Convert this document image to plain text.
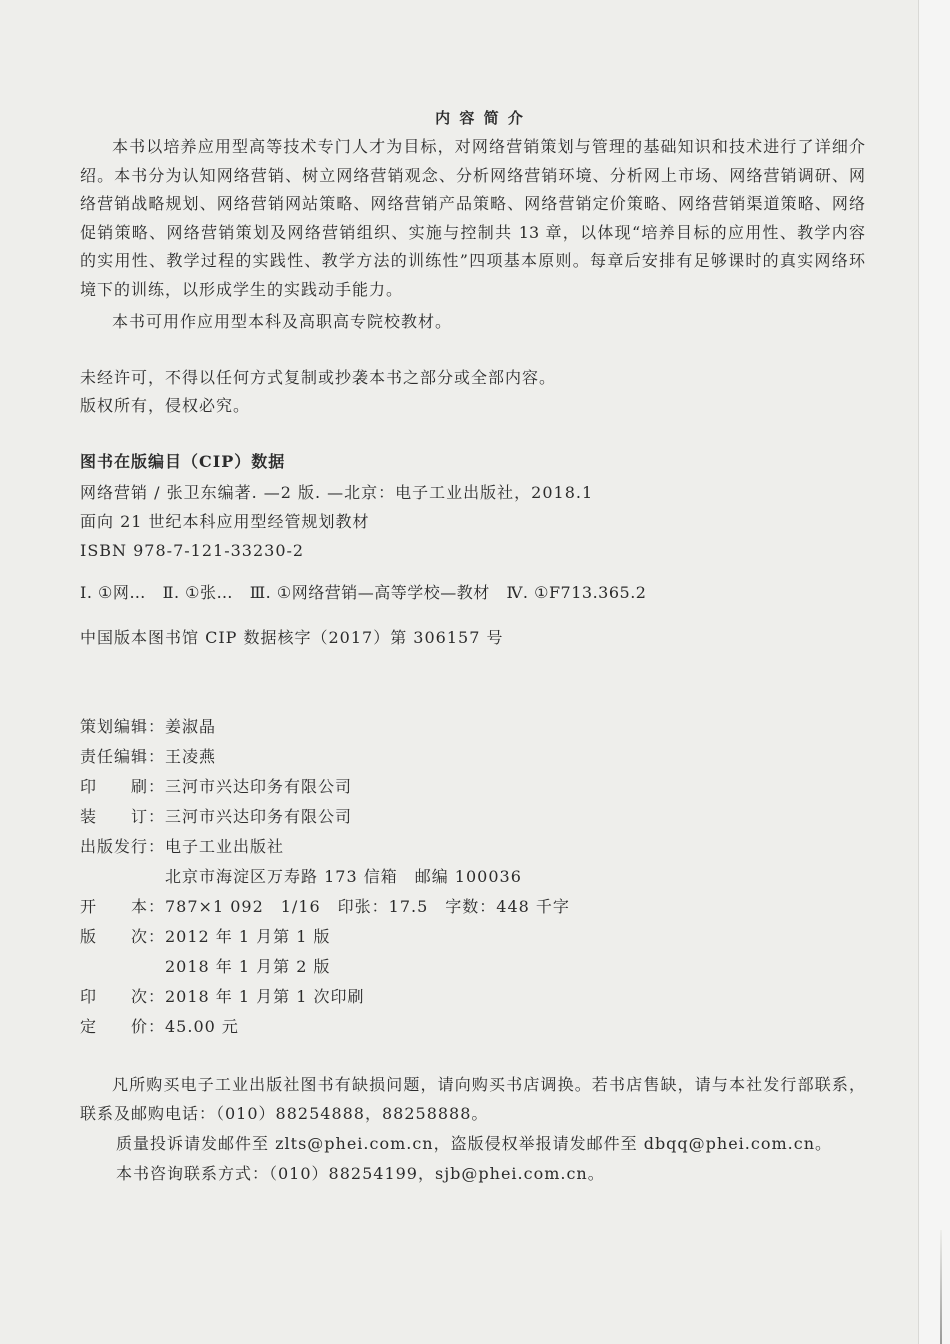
内 容 简 介
本书以培养应用型高等技术专门人才为目标，对网络营销策划与管理的基础知识和技术进行了详细介
绍。本书分为认知网络营销、树立网络营销观念、分析网络营销环境、分析网上市场、网络营销调研、网
络营销战略规划、网络营销网站策略、网络营销产品策略、网络营销定价策略、网络营销渠道策略、网络
促销策略、网络营销策划及网络营销组织、实施与控制共 13 章，以体现“培养目标的应用性、教学内容
的实用性、教学过程的实践性、教学方法的训练性”四项基本原则。每章后安排有足够课时的真实网络环
境下的训练，以形成学生的实践动手能力。
本书可用作应用型本科及高职高专院校教材。
未经许可，不得以任何方式复制或抄袭本书之部分或全部内容。
版权所有，侵权必究。
图书在版编目（CIP）数据
网络营销 / 张卫东编著. —2 版. —北京：电子工业出版社，2018.1
面向 21 世纪本科应用型经管规划教材
ISBN 978-7-121-33230-2
Ⅰ. ①网…   Ⅱ. ①张…   Ⅲ. ①网络营销—高等学校—教材   Ⅳ. ①F713.365.2
中国版本图书馆 CIP 数据核字（2017）第 306157 号
策划编辑：姜淑晶
责任编辑：王凌燕
印　　刷：三河市兴达印务有限公司
装　　订：三河市兴达印务有限公司
出版发行：电子工业出版社
北京市海淀区万寿路 173 信箱　邮编 100036
开　　本：787×1 092　1/16　印张：17.5　字数：448 千字
版　　次：2012 年 1 月第 1 版
2018 年 1 月第 2 版
印　　次：2018 年 1 月第 1 次印刷
定　　价：45.00 元
凡所购买电子工业出版社图书有缺损问题，请向购买书店调换。若书店售缺，请与本社发行部联系，
联系及邮购电话：（010）88254888，88258888。
质量投诉请发邮件至 zlts@phei.com.cn，盗版侵权举报请发邮件至 dbqq@phei.com.cn。
本书咨询联系方式：（010）88254199，sjb@phei.com.cn。
